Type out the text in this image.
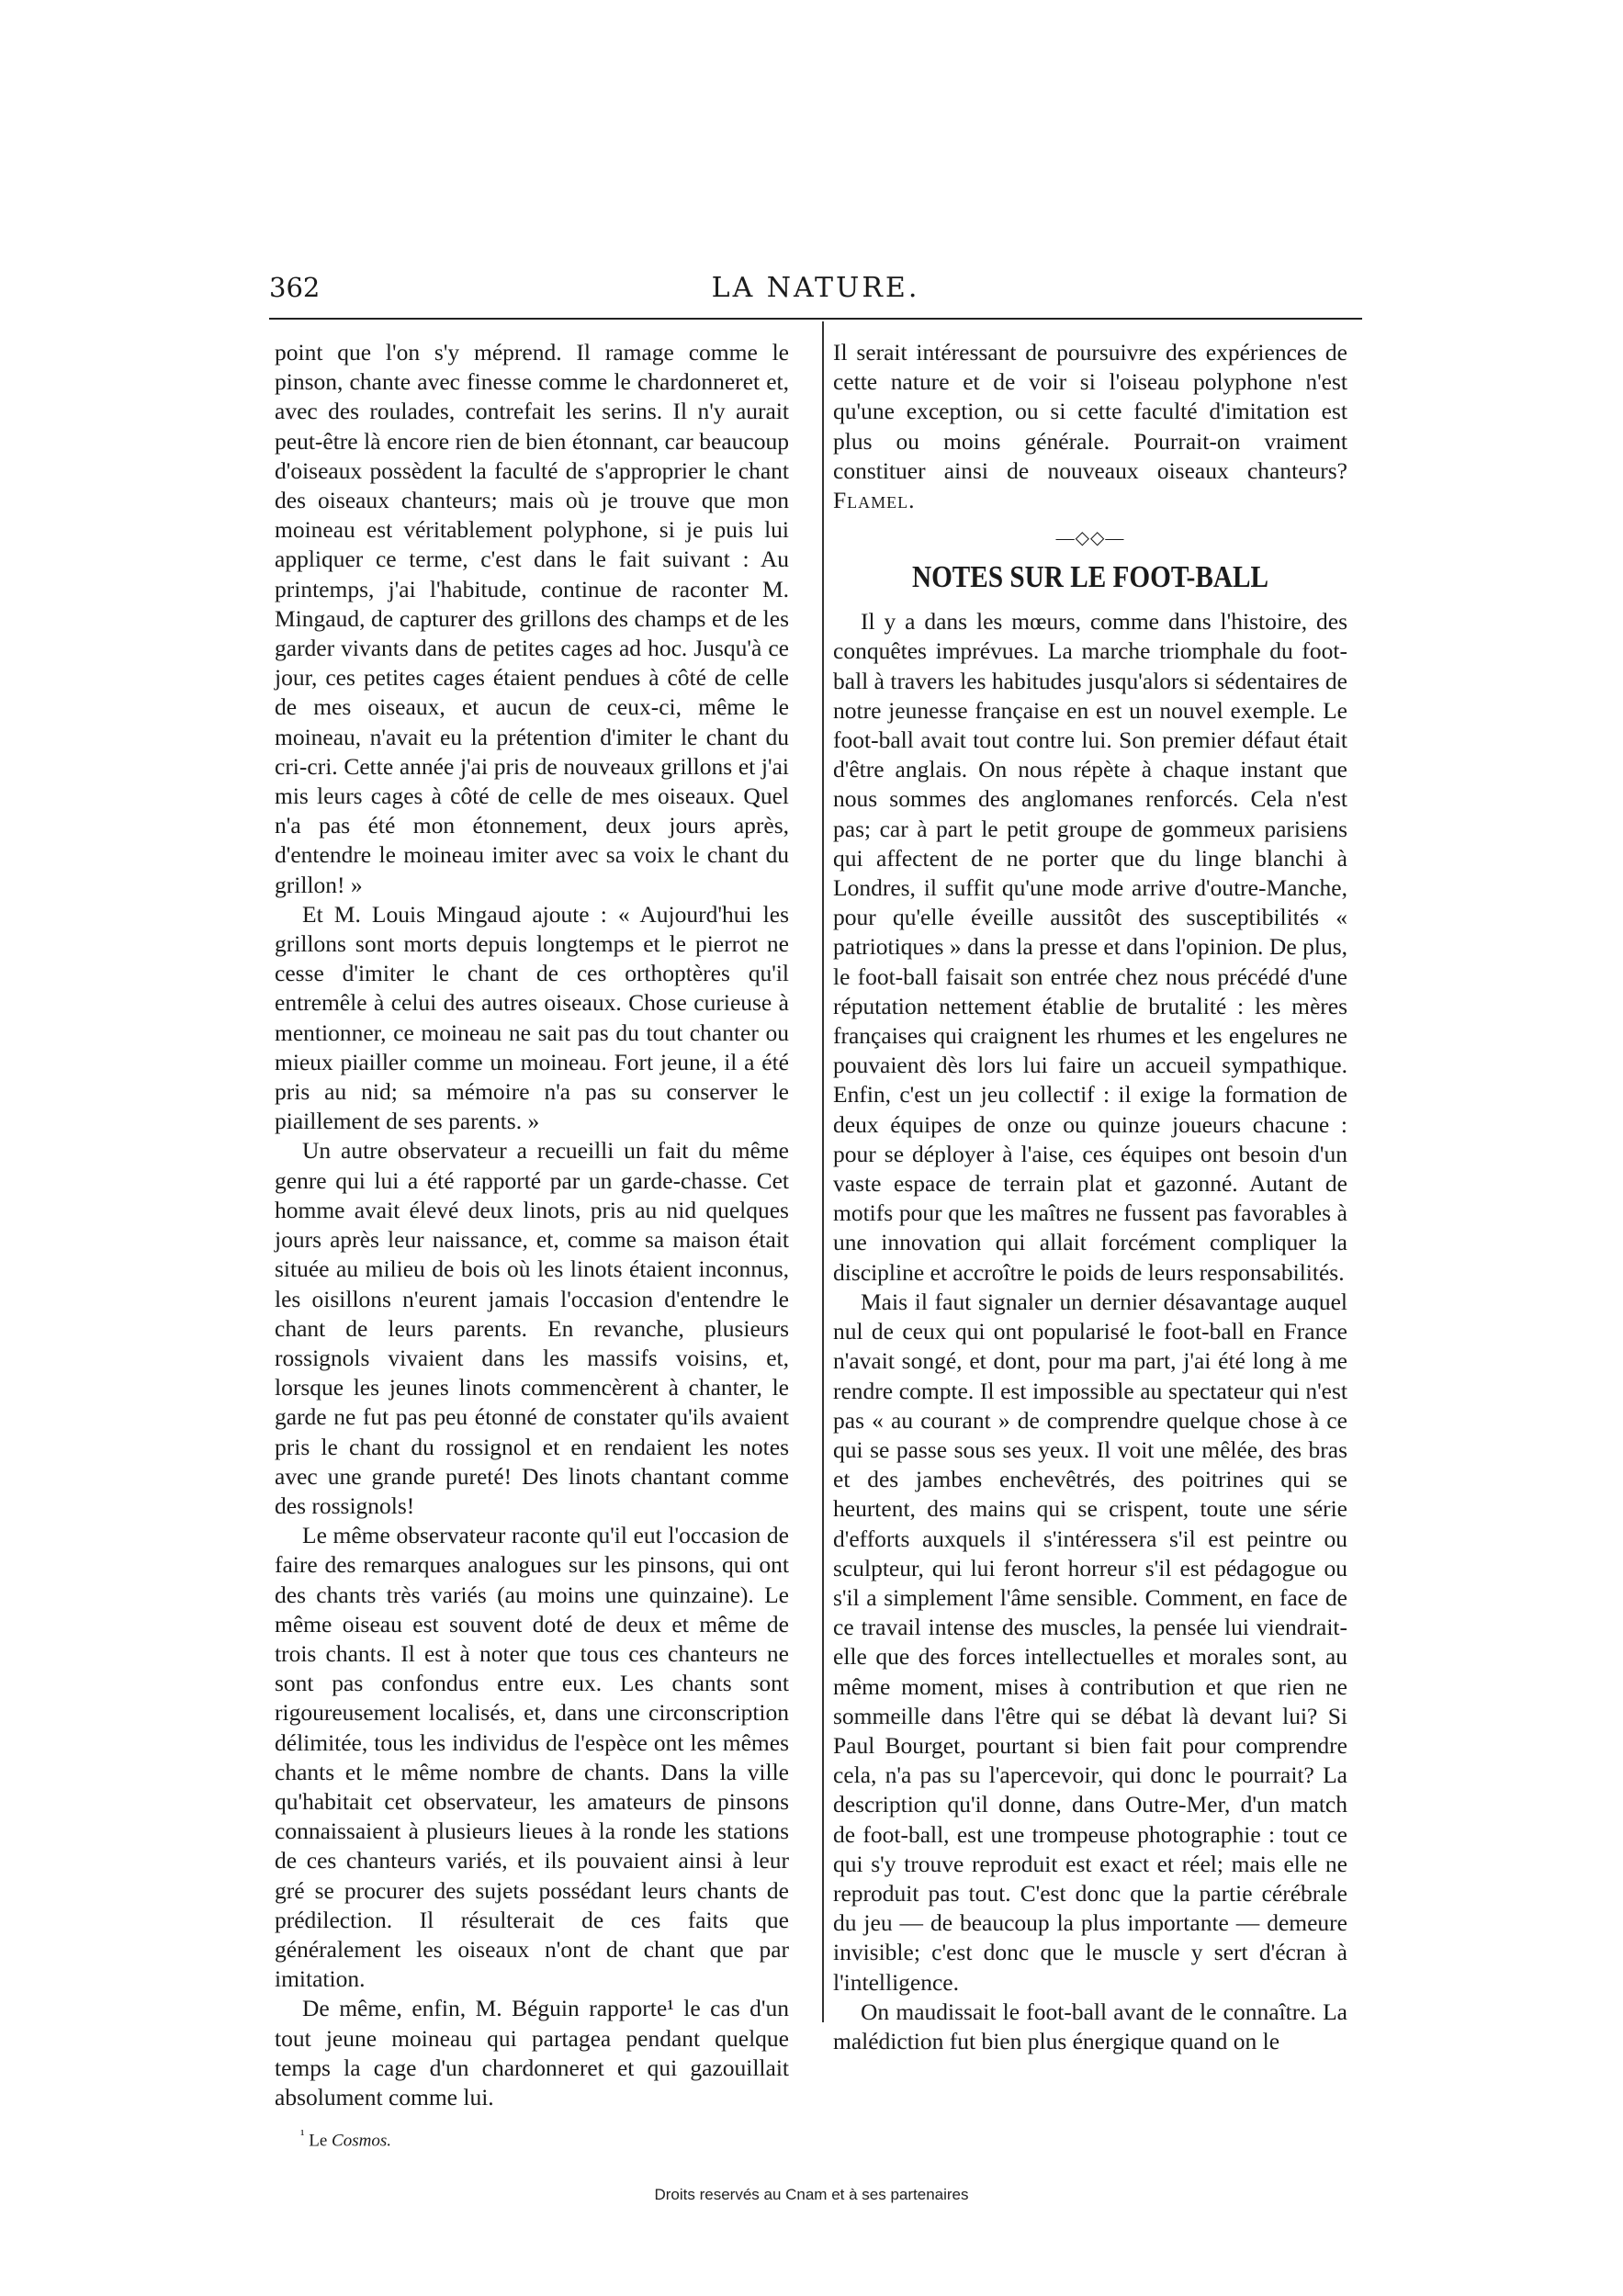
362	LA NATURE.

point que l'on s'y méprend. Il ramage comme le pinson, chante avec finesse comme le chardonneret et, avec des roulades, contrefait les serins. Il n'y aurait peut-être là encore rien de bien étonnant, car beaucoup d'oiseaux possèdent la faculté de s'approprier le chant des oiseaux chanteurs; mais où je trouve que mon moineau est véritablement polyphone, si je puis lui appliquer ce terme, c'est dans le fait suivant : Au printemps, j'ai l'habitude, continue de raconter M. Mingaud, de capturer des grillons des champs et de les garder vivants dans de petites cages ad hoc. Jusqu'à ce jour, ces petites cages étaient pendues à côté de celle de mes oiseaux, et aucun de ceux-ci, même le moineau, n'avait eu la prétention d'imiter le chant du cri-cri. Cette année j'ai pris de nouveaux grillons et j'ai mis leurs cages à côté de celle de mes oiseaux. Quel n'a pas été mon étonnement, deux jours après, d'entendre le moineau imiter avec sa voix le chant du grillon! »

Et M. Louis Mingaud ajoute : « Aujourd'hui les grillons sont morts depuis longtemps et le pierrot ne cesse d'imiter le chant de ces orthoptères qu'il entremêle à celui des autres oiseaux. Chose curieuse à mentionner, ce moineau ne sait pas du tout chanter ou mieux piailler comme un moineau. Fort jeune, il a été pris au nid; sa mémoire n'a pas su conserver le piaillement de ses parents. »

Un autre observateur a recueilli un fait du même genre qui lui a été rapporté par un garde-chasse. Cet homme avait élevé deux linots, pris au nid quelques jours après leur naissance, et, comme sa maison était située au milieu de bois où les linots étaient inconnus, les oisillons n'eurent jamais l'occasion d'entendre le chant de leurs parents. En revanche, plusieurs rossignols vivaient dans les massifs voisins, et, lorsque les jeunes linots commencèrent à chanter, le garde ne fut pas peu étonné de constater qu'ils avaient pris le chant du rossignol et en rendaient les notes avec une grande pureté! Des linots chantant comme des rossignols!

Le même observateur raconte qu'il eut l'occasion de faire des remarques analogues sur les pinsons, qui ont des chants très variés (au moins une quinzaine). Le même oiseau est souvent doté de deux et même de trois chants. Il est à noter que tous ces chanteurs ne sont pas confondus entre eux. Les chants sont rigoureusement localisés, et, dans une circonscription délimitée, tous les individus de l'espèce ont les mêmes chants et le même nombre de chants. Dans la ville qu'habitait cet observateur, les amateurs de pinsons connaissaient à plusieurs lieues à la ronde les stations de ces chanteurs variés, et ils pouvaient ainsi à leur gré se procurer des sujets possédant leurs chants de prédilection. Il résulterait de ces faits que généralement les oiseaux n'ont de chant que par imitation.

De même, enfin, M. Béguin rapporte¹ le cas d'un tout jeune moineau qui partagea pendant quelque temps la cage d'un chardonneret et qui gazouillait absolument comme lui.

$^{^1}$ Le Cosmos.

Il serait intéressant de poursuivre des expériences de cette nature et de voir si l'oiseau polyphone n'est qu'une exception, ou si cette faculté d'imitation est plus ou moins générale. Pourrait-on vraiment constituer ainsi de nouveaux oiseaux chanteurs? Flamel.

—◇◇—
NOTES SUR LE FOOT-BALL

Il y a dans les mœurs, comme dans l'histoire, des conquêtes imprévues. La marche triomphale du foot-ball à travers les habitudes jusqu'alors si sédentaires de notre jeunesse française en est un nouvel exemple. Le foot-ball avait tout contre lui. Son premier défaut était d'être anglais. On nous répète à chaque instant que nous sommes des anglomanes renforcés. Cela n'est pas; car à part le petit groupe de gommeux parisiens qui affectent de ne porter que du linge blanchi à Londres, il suffit qu'une mode arrive d'outre-Manche, pour qu'elle éveille aussitôt des susceptibilités « patriotiques » dans la presse et dans l'opinion. De plus, le foot-ball faisait son entrée chez nous précédé d'une réputation nettement établie de brutalité : les mères françaises qui craignent les rhumes et les engelures ne pouvaient dès lors lui faire un accueil sympathique. Enfin, c'est un jeu collectif : il exige la formation de deux équipes de onze ou quinze joueurs chacune : pour se déployer à l'aise, ces équipes ont besoin d'un vaste espace de terrain plat et gazonné. Autant de motifs pour que les maîtres ne fussent pas favorables à une innovation qui allait forcément compliquer la discipline et accroître le poids de leurs responsabilités.

Mais il faut signaler un dernier désavantage auquel nul de ceux qui ont popularisé le foot-ball en France n'avait songé, et dont, pour ma part, j'ai été long à me rendre compte. Il est impossible au spectateur qui n'est pas « au courant » de comprendre quelque chose à ce qui se passe sous ses yeux. Il voit une mêlée, des bras et des jambes enchevêtrés, des poitrines qui se heurtent, des mains qui se crispent, toute une série d'efforts auxquels il s'intéressera s'il est peintre ou sculpteur, qui lui feront horreur s'il est pédagogue ou s'il a simplement l'âme sensible. Comment, en face de ce travail intense des muscles, la pensée lui viendrait-elle que des forces intellectuelles et morales sont, au même moment, mises à contribution et que rien ne sommeille dans l'être qui se débat là devant lui? Si Paul Bourget, pourtant si bien fait pour comprendre cela, n'a pas su l'apercevoir, qui donc le pourrait? La description qu'il donne, dans Outre-Mer, d'un match de foot-ball, est une trompeuse photographie : tout ce qui s'y trouve reproduit est exact et réel; mais elle ne reproduit pas tout. C'est donc que la partie cérébrale du jeu — de beaucoup la plus importante — demeure invisible; c'est donc que le muscle y sert d'écran à l'intelligence.

On maudissait le foot-ball avant de le connaître. La malédiction fut bien plus énergique quand on le

Droits reservés au Cnam et à ses partenaires
